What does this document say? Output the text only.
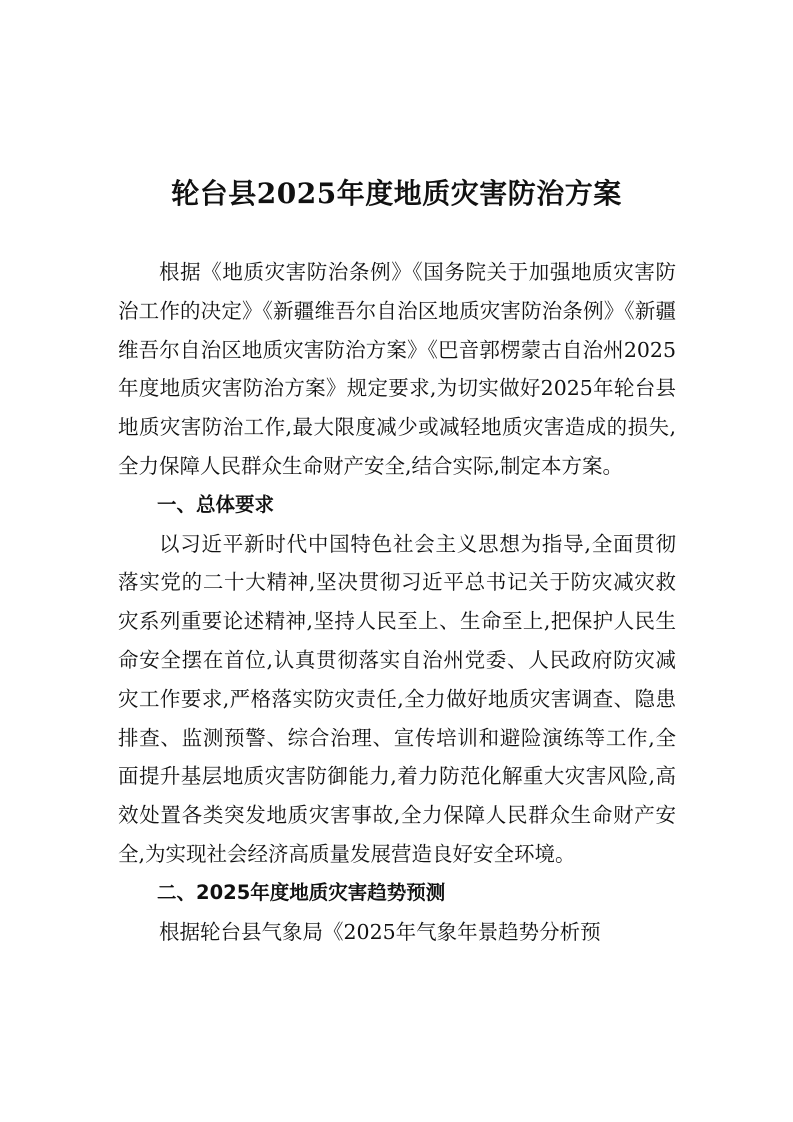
轮台县2025年度地质灾害防治方案

根据《地质灾害防治条例》《国务院关于加强地质灾害防治工作的决定》《新疆维吾尔自治区地质灾害防治条例》《新疆维吾尔自治区地质灾害防治方案》《巴音郭楞蒙古自治州2025年度地质灾害防治方案》规定要求,为切实做好2025年轮台县地质灾害防治工作,最大限度减少或减轻地质灾害造成的损失,全力保障人民群众生命财产安全,结合实际,制定本方案。

一、总体要求

以习近平新时代中国特色社会主义思想为指导,全面贯彻落实党的二十大精神,坚决贯彻习近平总书记关于防灾减灾救灾系列重要论述精神,坚持人民至上、生命至上,把保护人民生命安全摆在首位,认真贯彻落实自治州党委、人民政府防灾减灾工作要求,严格落实防灾责任,全力做好地质灾害调查、隐患排查、监测预警、综合治理、宣传培训和避险演练等工作,全面提升基层地质灾害防御能力,着力防范化解重大灾害风险,高效处置各类突发地质灾害事故,全力保障人民群众生命财产安全,为实现社会经济高质量发展营造良好安全环境。

二、2025年度地质灾害趋势预测

根据轮台县气象局《2025年气象年景趋势分析预
